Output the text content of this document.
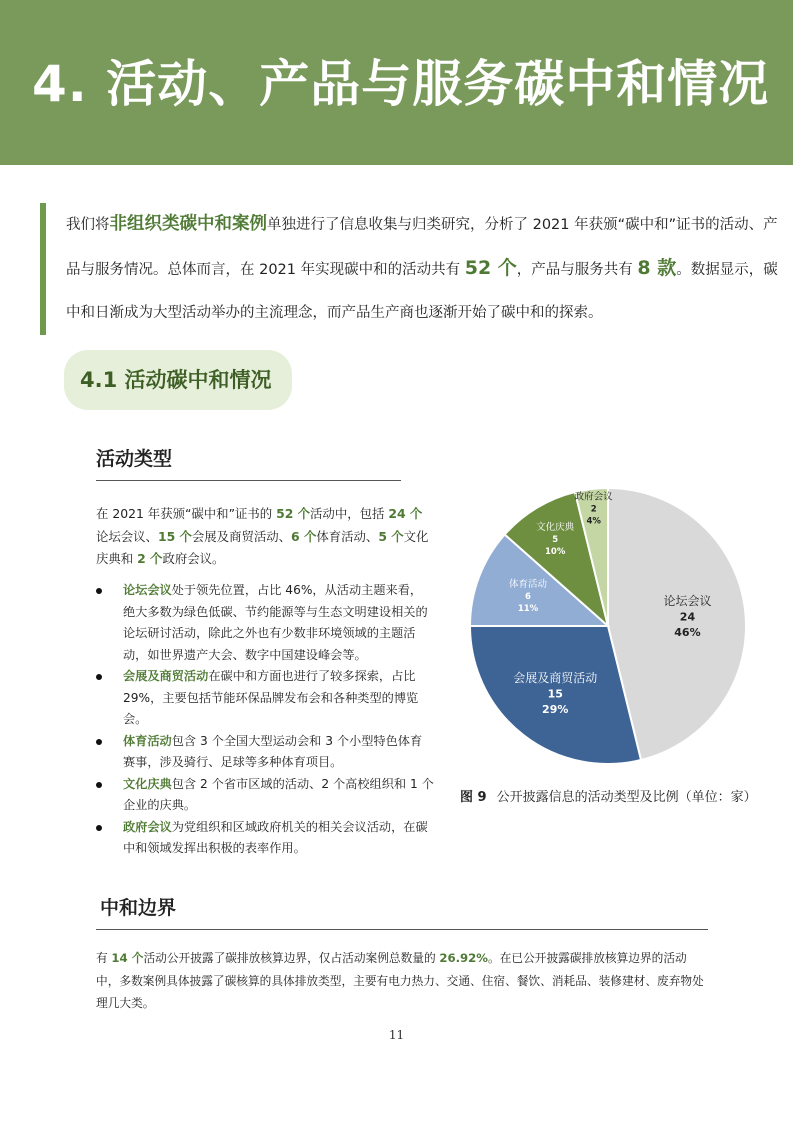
4. 活动、产品与服务碳中和情况
我们将非组织类碳中和案例单独进行了信息收集与归类研究，分析了 2021 年获颁“碳中和”证书的活动、产品与服务情况。总体而言，在 2021 年实现碳中和的活动共有 52 个，产品与服务共有 8 款。数据显示，碳中和日渐成为大型活动举办的主流理念，而产品生产商也逐渐开始了碳中和的探索。
4.1 活动碳中和情况
活动类型
在 2021 年获颁“碳中和”证书的 52 个活动中，包括 24 个论坛会议、15 个会展及商贸活动、6 个体育活动、5 个文化庆典和 2 个政府会议。
论坛会议处于领先位置，占比 46%，从活动主题来看，绝大多数为绿色低碳、节约能源等与生态文明建设相关的论坛研讨活动，除此之外也有少数非环境领域的主题活动，如世界遗产大会、数字中国建设峰会等。
会展及商贸活动在碳中和方面也进行了较多探索，占比 29%，主要包括节能环保品牌发布会和各种类型的博览会。
体育活动包含 3 个全国大型运动会和 3 个小型特色体育赛事，涉及骑行、足球等多种体育项目。
文化庆典包含 2 个省市区域的活动、2 个高校组织和 1 个企业的庆典。
政府会议为党组织和区域政府机关的相关会议活动，在碳中和领域发挥出积极的表率作用。
论坛会议
24
46%
会展及商贸活动
15
29%
体育活动
6
11%
文化庆典
5
10%
政府会议
2
4%
图 9 公开披露信息的活动类型及比例（单位：家）
中和边界
有 14 个活动公开披露了碳排放核算边界，仅占活动案例总数量的 26.92%。在已公开披露碳排放核算边界的活动中，多数案例具体披露了碳核算的具体排放类型，主要有电力热力、交通、住宿、餐饮、消耗品、装修建材、废弃物处理几大类。
11
